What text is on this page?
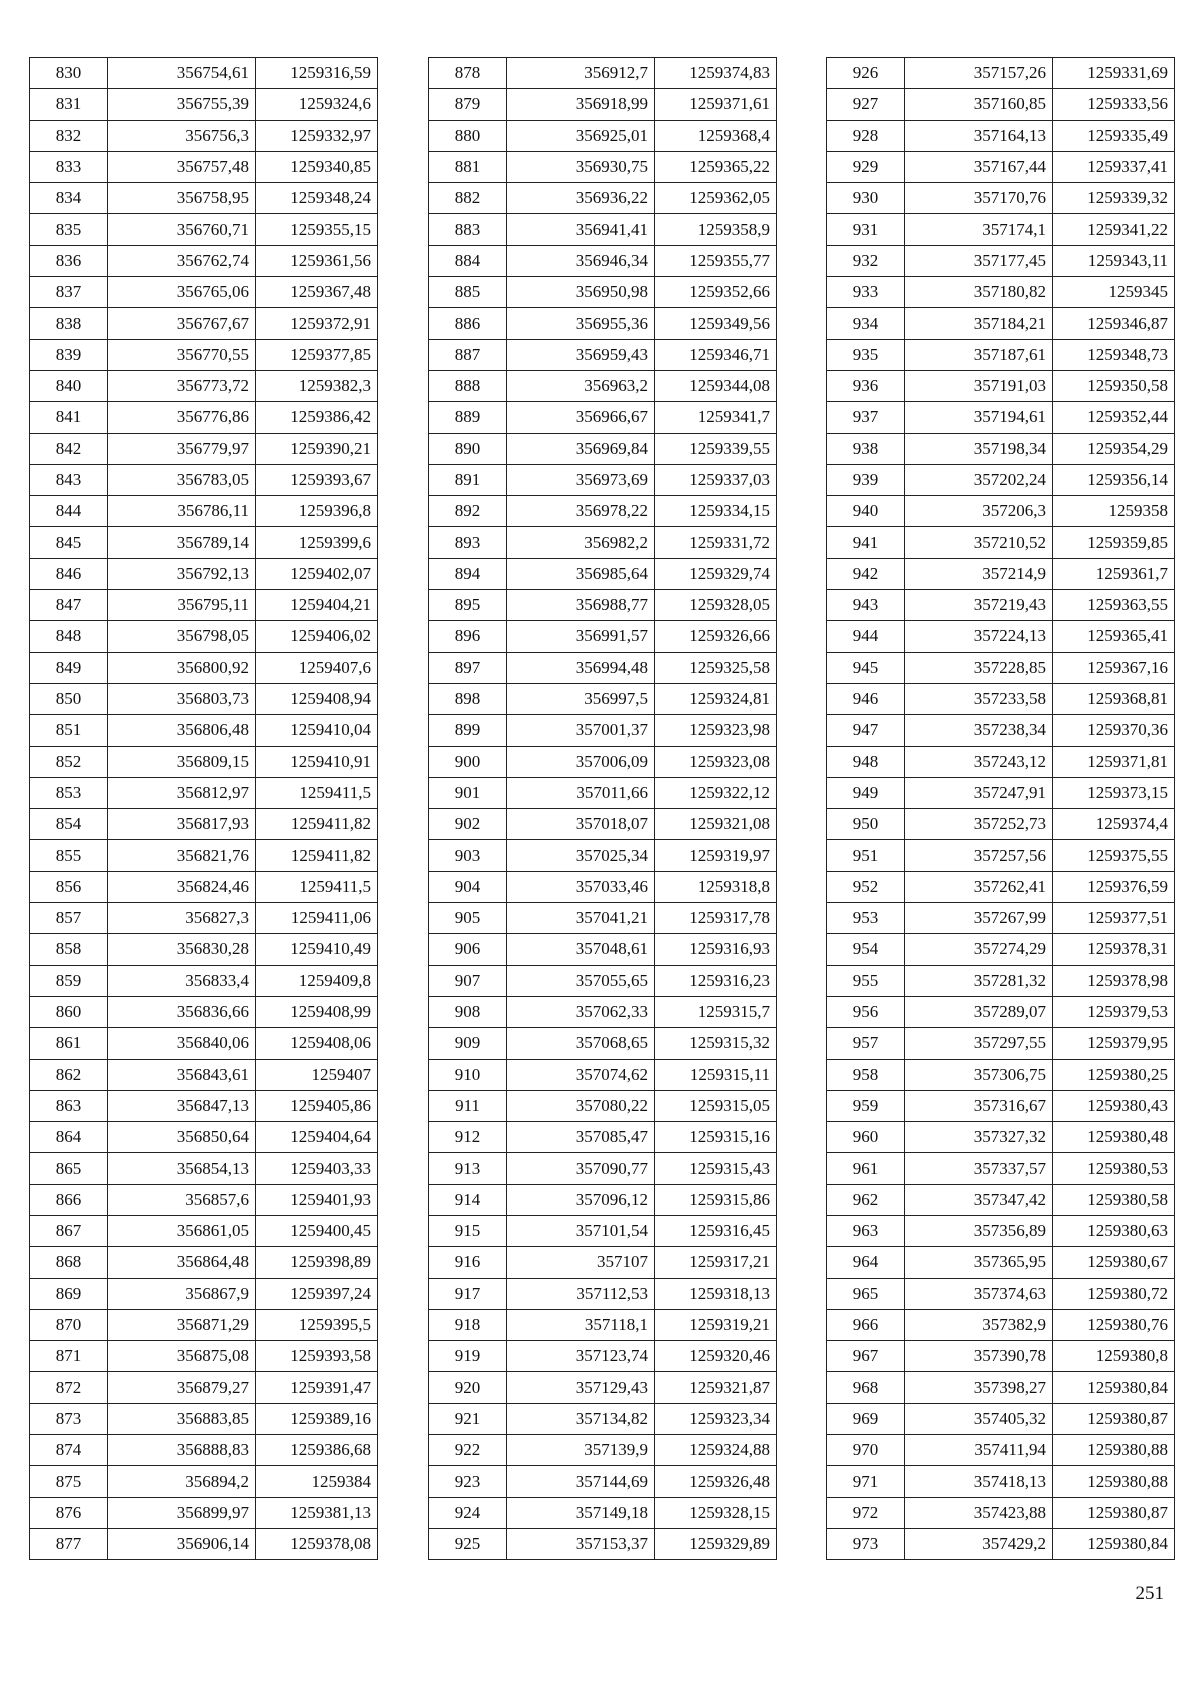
830	356754,61	1259316,59
831	356755,39	1259324,6
832	356756,3	1259332,97
833	356757,48	1259340,85
834	356758,95	1259348,24
835	356760,71	1259355,15
836	356762,74	1259361,56
837	356765,06	1259367,48
838	356767,67	1259372,91
839	356770,55	1259377,85
840	356773,72	1259382,3
841	356776,86	1259386,42
842	356779,97	1259390,21
843	356783,05	1259393,67
844	356786,11	1259396,8
845	356789,14	1259399,6
846	356792,13	1259402,07
847	356795,11	1259404,21
848	356798,05	1259406,02
849	356800,92	1259407,6
850	356803,73	1259408,94
851	356806,48	1259410,04
852	356809,15	1259410,91
853	356812,97	1259411,5
854	356817,93	1259411,82
855	356821,76	1259411,82
856	356824,46	1259411,5
857	356827,3	1259411,06
858	356830,28	1259410,49
859	356833,4	1259409,8
860	356836,66	1259408,99
861	356840,06	1259408,06
862	356843,61	1259407
863	356847,13	1259405,86
864	356850,64	1259404,64
865	356854,13	1259403,33
866	356857,6	1259401,93
867	356861,05	1259400,45
868	356864,48	1259398,89
869	356867,9	1259397,24
870	356871,29	1259395,5
871	356875,08	1259393,58
872	356879,27	1259391,47
873	356883,85	1259389,16
874	356888,83	1259386,68
875	356894,2	1259384
876	356899,97	1259381,13
877	356906,14	1259378,08
878	356912,7	1259374,83
879	356918,99	1259371,61
880	356925,01	1259368,4
881	356930,75	1259365,22
882	356936,22	1259362,05
883	356941,41	1259358,9
884	356946,34	1259355,77
885	356950,98	1259352,66
886	356955,36	1259349,56
887	356959,43	1259346,71
888	356963,2	1259344,08
889	356966,67	1259341,7
890	356969,84	1259339,55
891	356973,69	1259337,03
892	356978,22	1259334,15
893	356982,2	1259331,72
894	356985,64	1259329,74
895	356988,77	1259328,05
896	356991,57	1259326,66
897	356994,48	1259325,58
898	356997,5	1259324,81
899	357001,37	1259323,98
900	357006,09	1259323,08
901	357011,66	1259322,12
902	357018,07	1259321,08
903	357025,34	1259319,97
904	357033,46	1259318,8
905	357041,21	1259317,78
906	357048,61	1259316,93
907	357055,65	1259316,23
908	357062,33	1259315,7
909	357068,65	1259315,32
910	357074,62	1259315,11
911	357080,22	1259315,05
912	357085,47	1259315,16
913	357090,77	1259315,43
914	357096,12	1259315,86
915	357101,54	1259316,45
916	357107	1259317,21
917	357112,53	1259318,13
918	357118,1	1259319,21
919	357123,74	1259320,46
920	357129,43	1259321,87
921	357134,82	1259323,34
922	357139,9	1259324,88
923	357144,69	1259326,48
924	357149,18	1259328,15
925	357153,37	1259329,89
926	357157,26	1259331,69
927	357160,85	1259333,56
928	357164,13	1259335,49
929	357167,44	1259337,41
930	357170,76	1259339,32
931	357174,1	1259341,22
932	357177,45	1259343,11
933	357180,82	1259345
934	357184,21	1259346,87
935	357187,61	1259348,73
936	357191,03	1259350,58
937	357194,61	1259352,44
938	357198,34	1259354,29
939	357202,24	1259356,14
940	357206,3	1259358
941	357210,52	1259359,85
942	357214,9	1259361,7
943	357219,43	1259363,55
944	357224,13	1259365,41
945	357228,85	1259367,16
946	357233,58	1259368,81
947	357238,34	1259370,36
948	357243,12	1259371,81
949	357247,91	1259373,15
950	357252,73	1259374,4
951	357257,56	1259375,55
952	357262,41	1259376,59
953	357267,99	1259377,51
954	357274,29	1259378,31
955	357281,32	1259378,98
956	357289,07	1259379,53
957	357297,55	1259379,95
958	357306,75	1259380,25
959	357316,67	1259380,43
960	357327,32	1259380,48
961	357337,57	1259380,53
962	357347,42	1259380,58
963	357356,89	1259380,63
964	357365,95	1259380,67
965	357374,63	1259380,72
966	357382,9	1259380,76
967	357390,78	1259380,8
968	357398,27	1259380,84
969	357405,32	1259380,87
970	357411,94	1259380,88
971	357418,13	1259380,88
972	357423,88	1259380,87
973	357429,2	1259380,84
251
